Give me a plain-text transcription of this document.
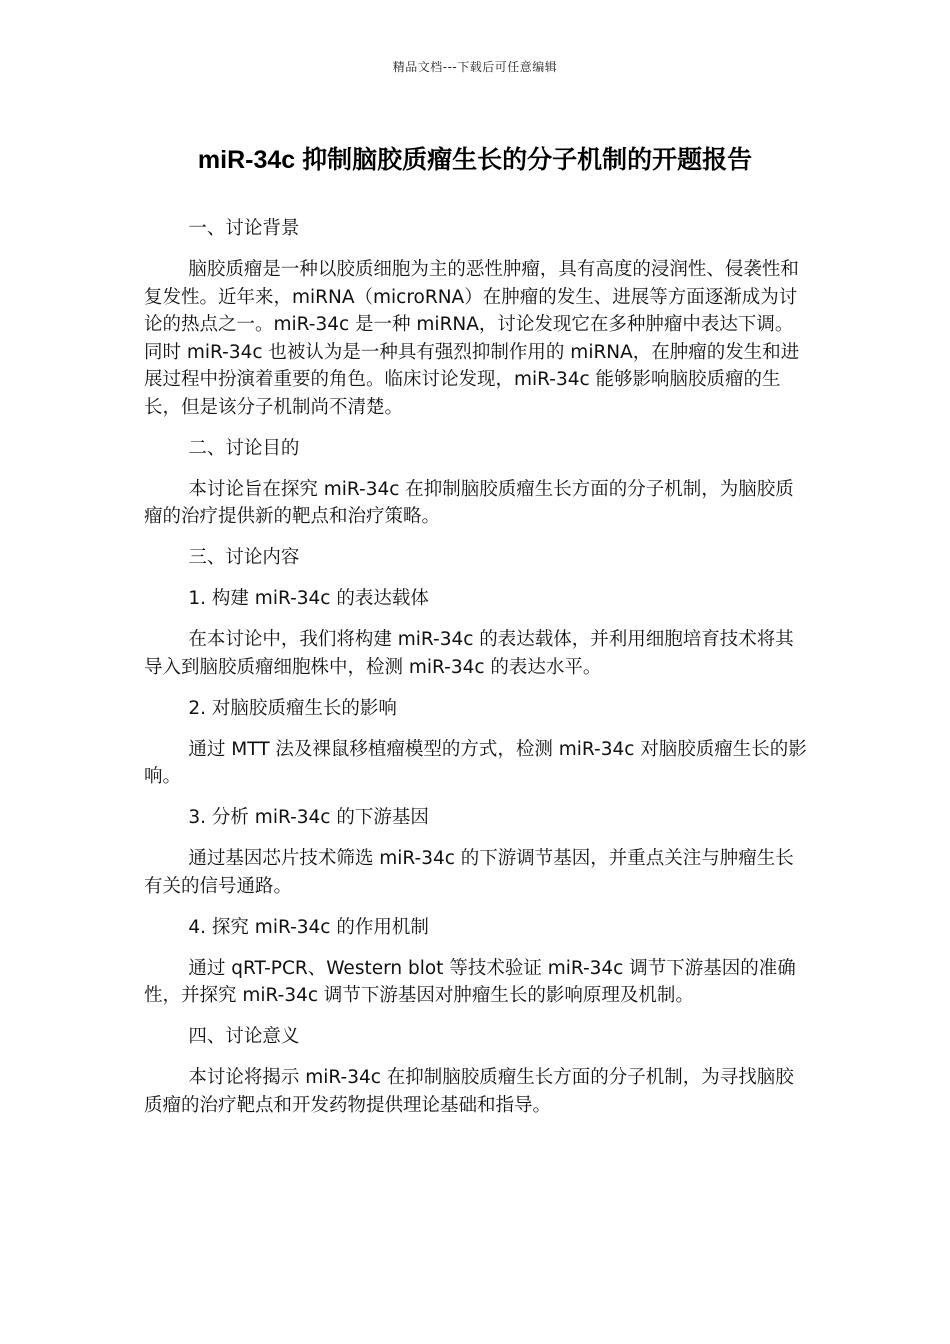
精品文档---下载后可任意编辑
miR-34c 抑制脑胶质瘤生长的分子机制的开题报告

一、讨论背景

脑胶质瘤是一种以胶质细胞为主的恶性肿瘤，具有高度的浸润性、侵袭性和复发性。近年来，miRNA（microRNA）在肿瘤的发生、进展等方面逐渐成为讨论的热点之一。miR-34c 是一种 miRNA，讨论发现它在多种肿瘤中表达下调。同时 miR-34c 也被认为是一种具有强烈抑制作用的 miRNA，在肿瘤的发生和进展过程中扮演着重要的角色。临床讨论发现，miR-34c 能够影响脑胶质瘤的生长，但是该分子机制尚不清楚。

二、讨论目的

本讨论旨在探究 miR-34c 在抑制脑胶质瘤生长方面的分子机制，为脑胶质瘤的治疗提供新的靶点和治疗策略。

三、讨论内容

1. 构建 miR-34c 的表达载体

在本讨论中，我们将构建 miR-34c 的表达载体，并利用细胞培育技术将其导入到脑胶质瘤细胞株中，检测 miR-34c 的表达水平。

2. 对脑胶质瘤生长的影响

通过 MTT 法及裸鼠移植瘤模型的方式，检测 miR-34c 对脑胶质瘤生长的影响。

3. 分析 miR-34c 的下游基因

通过基因芯片技术筛选 miR-34c 的下游调节基因，并重点关注与肿瘤生长有关的信号通路。

4. 探究 miR-34c 的作用机制

通过 qRT-PCR、Western blot 等技术验证 miR-34c 调节下游基因的准确性，并探究 miR-34c 调节下游基因对肿瘤生长的影响原理及机制。

四、讨论意义

本讨论将揭示 miR-34c 在抑制脑胶质瘤生长方面的分子机制，为寻找脑胶质瘤的治疗靶点和开发药物提供理论基础和指导。
